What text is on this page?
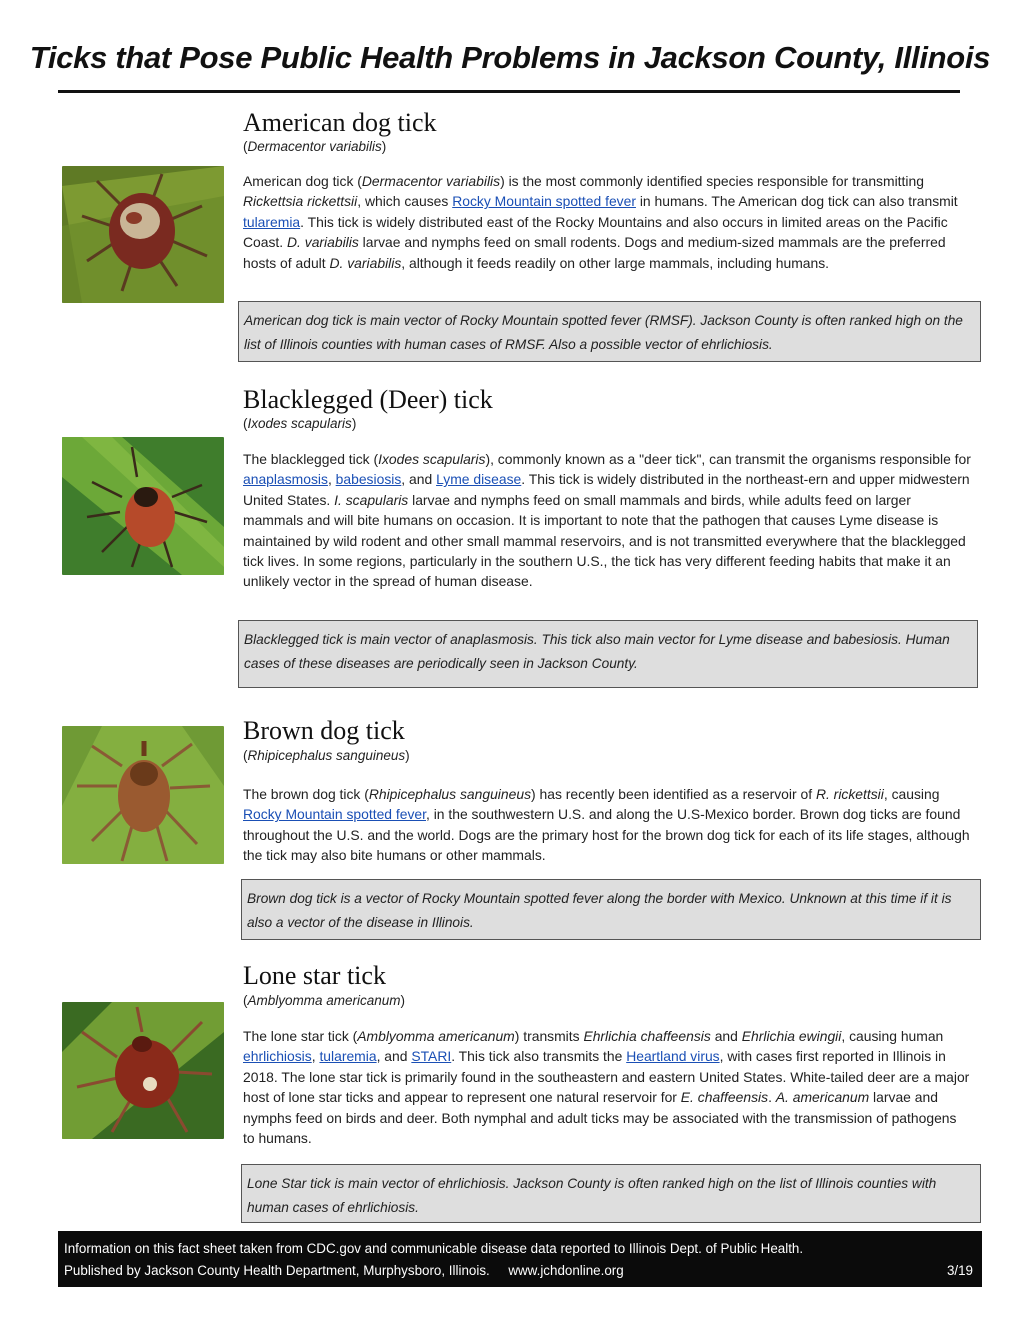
Ticks that Pose Public Health Problems in Jackson County, Illinois
American dog tick
(Dermacentor variabilis)

American dog tick (Dermacentor variabilis) is the most commonly identified species responsible for transmitting Rickettsia rickettsii, which causes Rocky Mountain spotted fever in humans. The American dog tick can also transmit tularemia. This tick is widely distributed east of the Rocky Mountains and also occurs in limited areas on the Pacific Coast. D. variabilis larvae and nymphs feed on small rodents. Dogs and medium-sized mammals are the preferred hosts of adult D. variabilis, although it feeds readily on other large mammals, including humans.

American dog tick is main vector of Rocky Mountain spotted fever (RMSF). Jackson County is often ranked high on the list of Illinois counties with human cases of RMSF. Also a possible vector of ehrlichiosis.
Blacklegged (Deer) tick
(Ixodes scapularis)

The blacklegged tick (Ixodes scapularis), commonly known as a "deer tick", can transmit the organisms responsible for anaplasmosis, babesiosis, and Lyme disease. This tick is widely distributed in the northeast-ern and upper midwestern United States. I. scapularis larvae and nymphs feed on small mammals and birds, while adults feed on larger mammals and will bite humans on occasion. It is important to note that the pathogen that causes Lyme disease is maintained by wild rodent and other small mammal reservoirs, and is not transmitted everywhere that the blacklegged tick lives. In some regions, particularly in the southern U.S., the tick has very different feeding habits that make it an unlikely vector in the spread of human disease.

Blacklegged tick is main vector of anaplasmosis. This tick also main vector for Lyme disease and babesiosis. Human cases of these diseases are periodically seen in Jackson County.
Brown dog tick
(Rhipicephalus sanguineus)

The brown dog tick (Rhipicephalus sanguineus) has recently been identified as a reservoir of R. rickettsii, causing Rocky Mountain spotted fever, in the southwestern U.S. and along the U.S-Mexico border. Brown dog ticks are found throughout the U.S. and the world. Dogs are the primary host for the brown dog tick for each of its life stages, although the tick may also bite humans or other mammals.

Brown dog tick is a vector of Rocky Mountain spotted fever along the border with Mexico. Unknown at this time if it is also a vector of the disease in Illinois.
Lone star tick
(Amblyomma americanum)

The lone star tick (Amblyomma americanum) transmits Ehrlichia chaffeensis and Ehrlichia ewingii, causing human ehrlichiosis, tularemia, and STARI. This tick also transmits the Heartland virus, with cases first reported in Illinois in 2018. The lone star tick is primarily found in the southeastern and eastern United States. White-tailed deer are a major host of lone star ticks and appear to represent one natural reservoir for E. chaffeensis. A. americanum larvae and nymphs feed on birds and deer. Both nymphal and adult ticks may be associated with the transmission of pathogens to humans.

Lone Star tick is main vector of ehrlichiosis. Jackson County is often ranked high on the list of Illinois counties with human cases of ehrlichiosis.
Information on this fact sheet taken from CDC.gov and communicable disease data reported to Illinois Dept. of Public Health.
Published by Jackson County Health Department, Murphysboro, Illinois.     www.jchdonline.org	3/19
